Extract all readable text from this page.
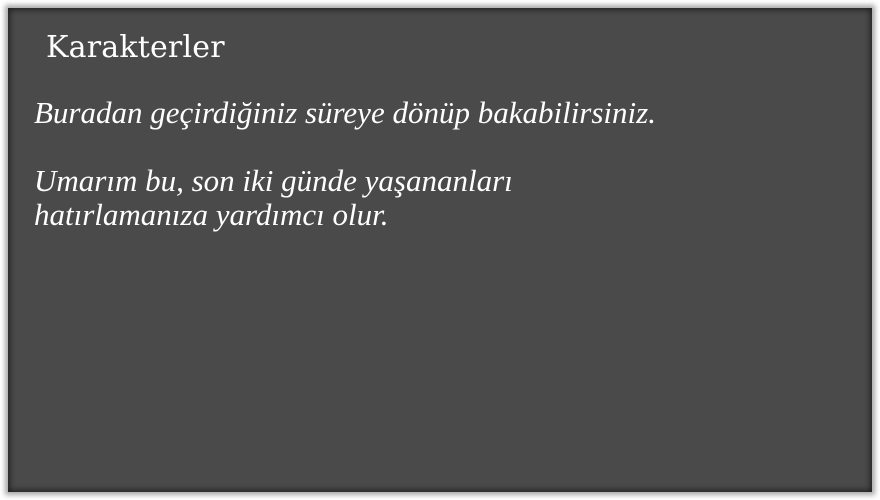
Karakterler

Buradan geçirdiğiniz süreye dönüp bakabilirsiniz.

Umarım bu, son iki günde yaşananları
hatırlamanıza yardımcı olur.
